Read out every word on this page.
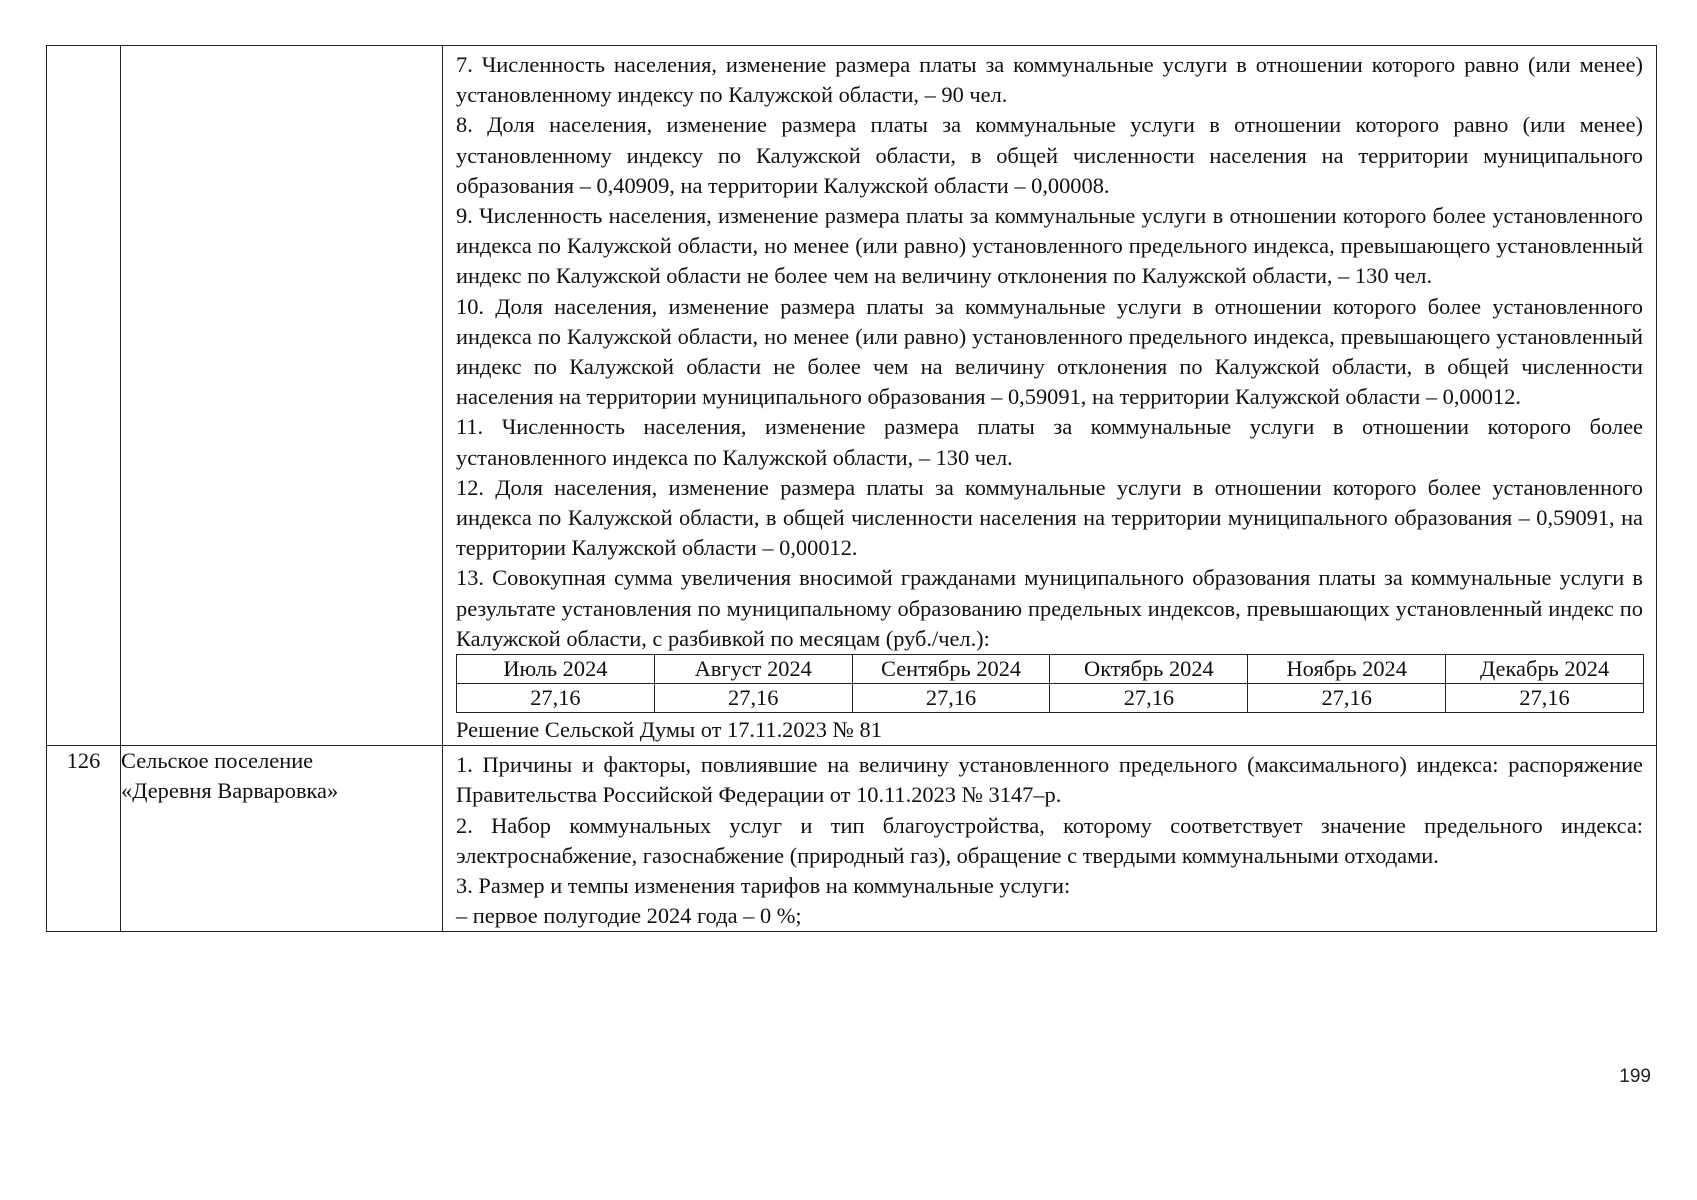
7. Численность населения, изменение размера платы за коммунальные услуги в отношении которого равно (или менее) установленному индексу по Калужской области, – 90 чел.

8. Доля населения, изменение размера платы за коммунальные услуги в отношении которого равно (или менее) установленному индексу по Калужской области, в общей численности населения на территории муниципального образования – 0,40909, на территории Калужской области – 0,00008.

9. Численность населения, изменение размера платы за коммунальные услуги в отношении которого более установленного индекса по Калужской области, но менее (или равно) установленного предельного индекса, превышающего установленный индекс по Калужской области не более чем на величину отклонения по Калужской области, – 130 чел.

10. Доля населения, изменение размера платы за коммунальные услуги в отношении которого более установленного индекса по Калужской области, но менее (или равно) установленного предельного индекса, превышающего установленный индекс по Калужской области не более чем на величину отклонения по Калужской области, в общей численности населения на территории муниципального образования – 0,59091, на территории Калужской области – 0,00012.

11. Численность населения, изменение размера платы за коммунальные услуги в отношении которого более установленного индекса по Калужской области, – 130 чел.

12. Доля населения, изменение размера платы за коммунальные услуги в отношении которого более установленного индекса по Калужской области, в общей численности населения на территории муниципального образования – 0,59091, на территории Калужской области – 0,00012.

13. Совокупная сумма увеличения вносимой гражданами муниципального образования платы за коммунальные услуги в результате установления по муниципальному образованию предельных индексов, превышающих установленный индекс по Калужской области, с разбивкой по месяцам (руб./чел.):

Июль 2024	Август 2024	Сентябрь 2024	Октябрь 2024	Ноябрь 2024	Декабрь 2024
27,16	27,16	27,16	27,16	27,16	27,16

Решение Сельской Думы от 17.11.2023 № 81

126	Сельское поселение
«Деревня Варваровка»

1. Причины и факторы, повлиявшие на величину установленного предельного (максимального) индекса: распоряжение Правительства Российской Федерации от 10.11.2023 № 3147–р.

2. Набор коммунальных услуг и тип благоустройства, которому соответствует значение предельного индекса: электроснабжение, газоснабжение (природный газ), обращение с твердыми коммунальными отходами.

3. Размер и темпы изменения тарифов на коммунальные услуги:

– первое полугодие 2024 года – 0 %;

199
